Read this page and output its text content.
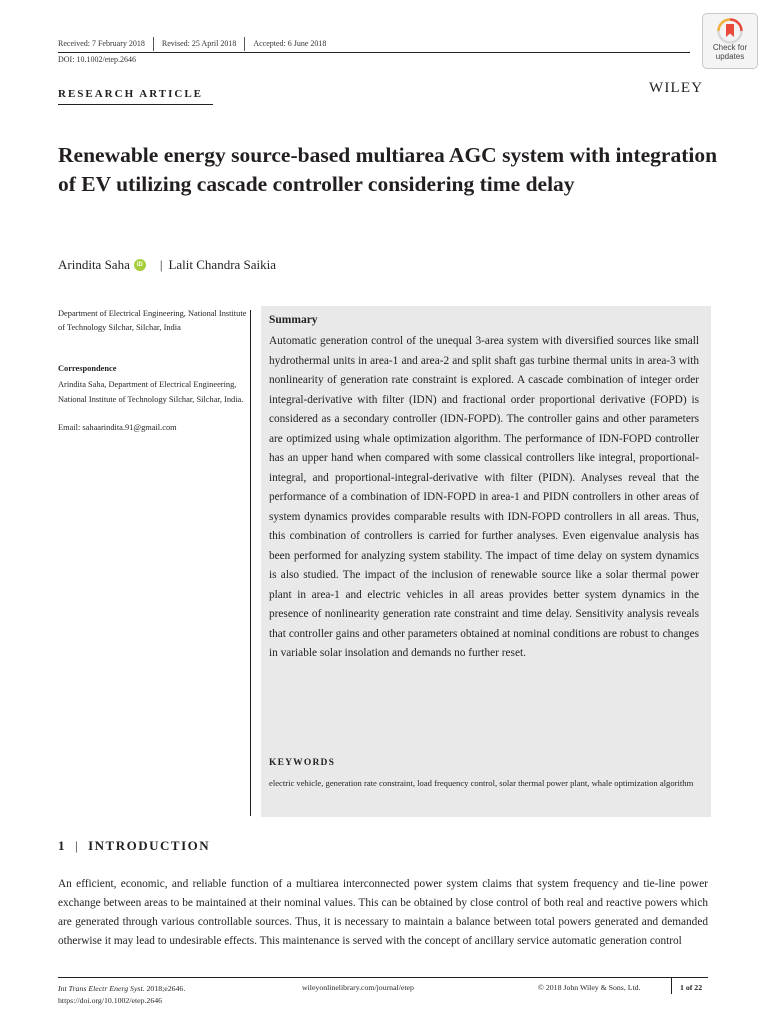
Received: 7 February 2018	Revised: 25 April 2018	Accepted: 6 June 2018
DOI: 10.1002/etep.2646
Check for
updates
WILEY
RESEARCH ARTICLE
Renewable energy source-based multiarea AGC system with integration of EV utilizing cascade controller considering time delay
Arindita Saha	iD | Lalit Chandra Saikia
Department of Electrical Engineering, National Institute of Technology Silchar, Silchar, India
Correspondence
Arindita Saha, Department of Electrical Engineering, National Institute of Technology Silchar, Silchar, India.
Email: sahaarindita.91@gmail.com
Summary

Automatic generation control of the unequal 3-area system with diversified sources like small hydrothermal units in area-1 and area-2 and split shaft gas turbine thermal units in area-3 with nonlinearity of generation rate constraint is explored. A cascade combination of integer order integral-derivative with filter (IDN) and fractional order proportional derivative (FOPD) is considered as a secondary controller (IDN-FOPD). The controller gains and other parameters are optimized using whale optimization algorithm. The performance of IDN-FOPD controller has an upper hand when compared with some classical controllers like integral, proportional-integral, and proportional-integral-derivative with filter (PIDN). Analyses reveal that the performance of a combination of IDN-FOPD in area-1 and PIDN controllers in other areas of system dynamics provides comparable results with IDN-FOPD controllers in all areas. Thus, this combination of controllers is carried for further analyses. Even eigenvalue analysis has been performed for analyzing system stability. The impact of time delay on system dynamics is also studied. The impact of the inclusion of renewable source like a solar thermal power plant in area-1 and electric vehicles in all areas provides better system dynamics in the presence of nonlinearity generation rate constraint and time delay. Sensitivity analysis reveals that controller gains and other parameters obtained at nominal conditions are robust to changes in variable solar insolation and demands no further reset.

KEYWORDS
electric vehicle, generation rate constraint, load frequency control, solar thermal power plant, whale optimization algorithm
1 | INTRODUCTION

An efficient, economic, and reliable function of a multiarea interconnected power system claims that system frequency and tie-line power exchange between areas to be maintained at their nominal values. This can be obtained by close control of both real and reactive powers which are generated through various controllable sources. Thus, it is necessary to maintain a balance between total powers generated and demanded otherwise it may lead to undesirable effects. This maintenance is served with the concept of ancillary service automatic generation control

Int Trans Electr Energ Syst. 2018;e2646.
https://doi.org/10.1002/etep.2646
wileyonlinelibrary.com/journal/etep	© 2018 John Wiley & Sons, Ltd.	1 of 22
